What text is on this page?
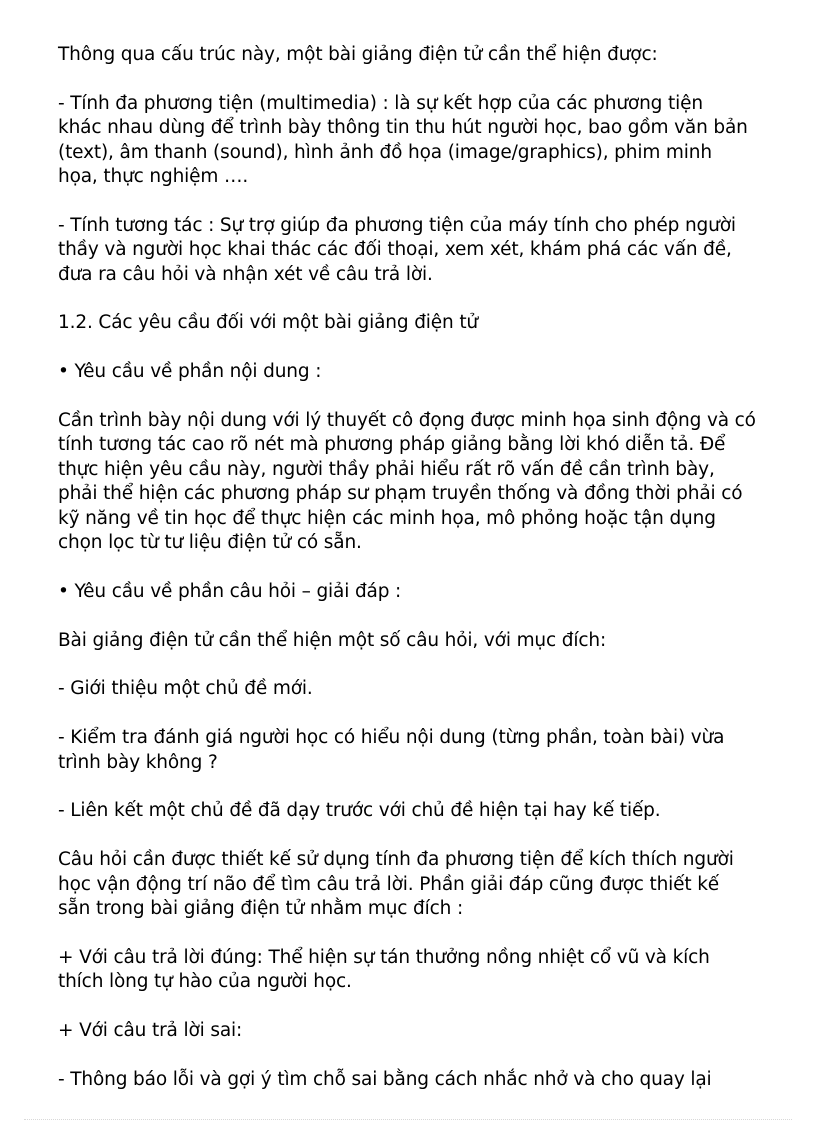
Thông qua cấu trúc này, một bài giảng điện tử cần thể hiện được:
- Tính đa phương tiện (multimedia) : là sự kết hợp của các phương tiện
khác nhau dùng để trình bày thông tin thu hút người học, bao gồm văn bản
(text), âm thanh (sound), hình ảnh đồ họa (image/graphics), phim minh
họa, thực nghiệm ….
- Tính tương tác : Sự trợ giúp đa phương tiện của máy tính cho phép người
thầy và người học khai thác các đối thoại, xem xét, khám phá các vấn đề,
đưa ra câu hỏi và nhận xét về câu trả lời.
1.2. Các yêu cầu đối với một bài giảng điện tử
• Yêu cầu về phần nội dung :
Cần trình bày nội dung với lý thuyết cô đọng được minh họa sinh động và có
tính tương tác cao rõ nét mà phương pháp giảng bằng lời khó diễn tả. Để
thực hiện yêu cầu này, người thầy phải hiểu rất rõ vấn đề cần trình bày,
phải thể hiện các phương pháp sư phạm truyền thống và đồng thời phải có
kỹ năng về tin học để thực hiện các minh họa, mô phỏng hoặc tận dụng
chọn lọc từ tư liệu điện tử có sẵn.
• Yêu cầu về phần câu hỏi – giải đáp :
Bài giảng điện tử cần thể hiện một số câu hỏi, với mục đích:
- Giới thiệu một chủ đề mới.
- Kiểm tra đánh giá người học có hiểu nội dung (từng phần, toàn bài) vừa
trình bày không ?
- Liên kết một chủ đề đã dạy trước với chủ đề hiện tại hay kế tiếp.
Câu hỏi cần được thiết kế sử dụng tính đa phương tiện để kích thích người
học vận động trí não để tìm câu trả lời. Phần giải đáp cũng được thiết kế
sẵn trong bài giảng điện tử nhằm mục đích :
+ Với câu trả lời đúng: Thể hiện sự tán thưởng nồng nhiệt cổ vũ và kích
thích lòng tự hào của người học.
+ Với câu trả lời sai:
- Thông báo lỗi và gợi ý tìm chỗ sai bằng cách nhắc nhở và cho quay lại
